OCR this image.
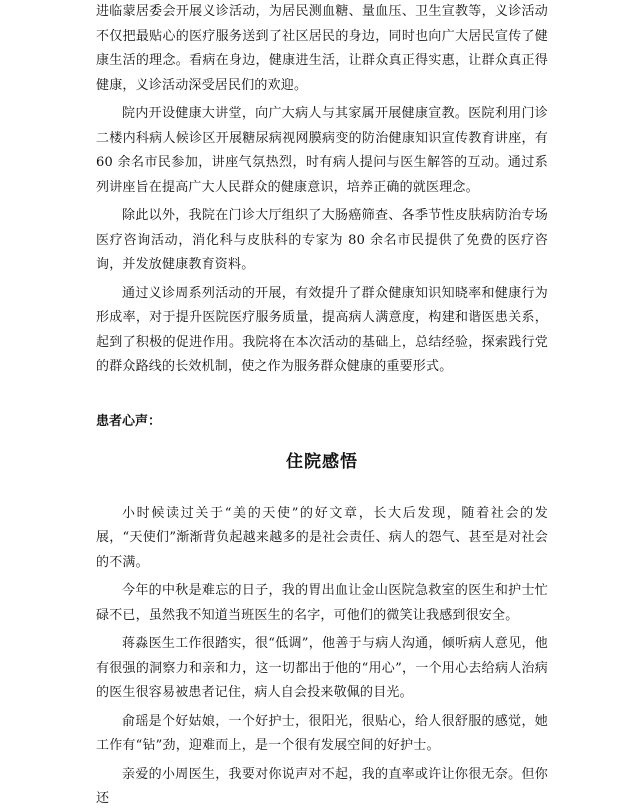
进临蒙居委会开展义诊活动，为居民测血糖、量血压、卫生宣教等，义诊活动不仅把最贴心的医疗服务送到了社区居民的身边，同时也向广大居民宣传了健康生活的理念。看病在身边，健康进生活，让群众真正得实惠，让群众真正得健康，义诊活动深受居民们的欢迎。

院内开设健康大讲堂，向广大病人与其家属开展健康宣教。医院利用门诊二楼内科病人候诊区开展糖尿病视网膜病变的防治健康知识宣传教育讲座，有 60 余名市民参加，讲座气氛热烈，时有病人提问与医生解答的互动。通过系列讲座旨在提高广大人民群众的健康意识，培养正确的就医理念。

除此以外，我院在门诊大厅组织了大肠癌筛查、各季节性皮肤病防治专场医疗咨询活动，消化科与皮肤科的专家为 80 余名市民提供了免费的医疗咨询，并发放健康教育资料。

通过义诊周系列活动的开展，有效提升了群众健康知识知晓率和健康行为形成率，对于提升医院医疗服务质量，提高病人满意度，构建和谐医患关系，起到了积极的促进作用。我院将在本次活动的基础上，总结经验，探索践行党的群众路线的长效机制，使之作为服务群众健康的重要形式。

患者心声：
住院感悟

小时候读过关于“美的天使”的好文章，长大后发现，随着社会的发展，“天使们”渐渐背负起越来越多的是社会责任、病人的怨气、甚至是对社会的不满。

今年的中秋是难忘的日子，我的胃出血让金山医院急救室的医生和护士忙碌不已，虽然我不知道当班医生的名字，可他们的微笑让我感到很安全。

蒋淼医生工作很踏实，很“低调”，他善于与病人沟通，倾听病人意见，他有很强的洞察力和亲和力，这一切都出于他的“用心”，一个用心去给病人治病的医生很容易被患者记住，病人自会投来敬佩的目光。

俞瑶是个好姑娘，一个好护士，很阳光，很贴心，给人很舒服的感觉，她工作有“钻”劲，迎难而上，是一个很有发展空间的好护士。

亲爱的小周医生，我要对你说声对不起，我的直率或许让你很无奈。但你还
